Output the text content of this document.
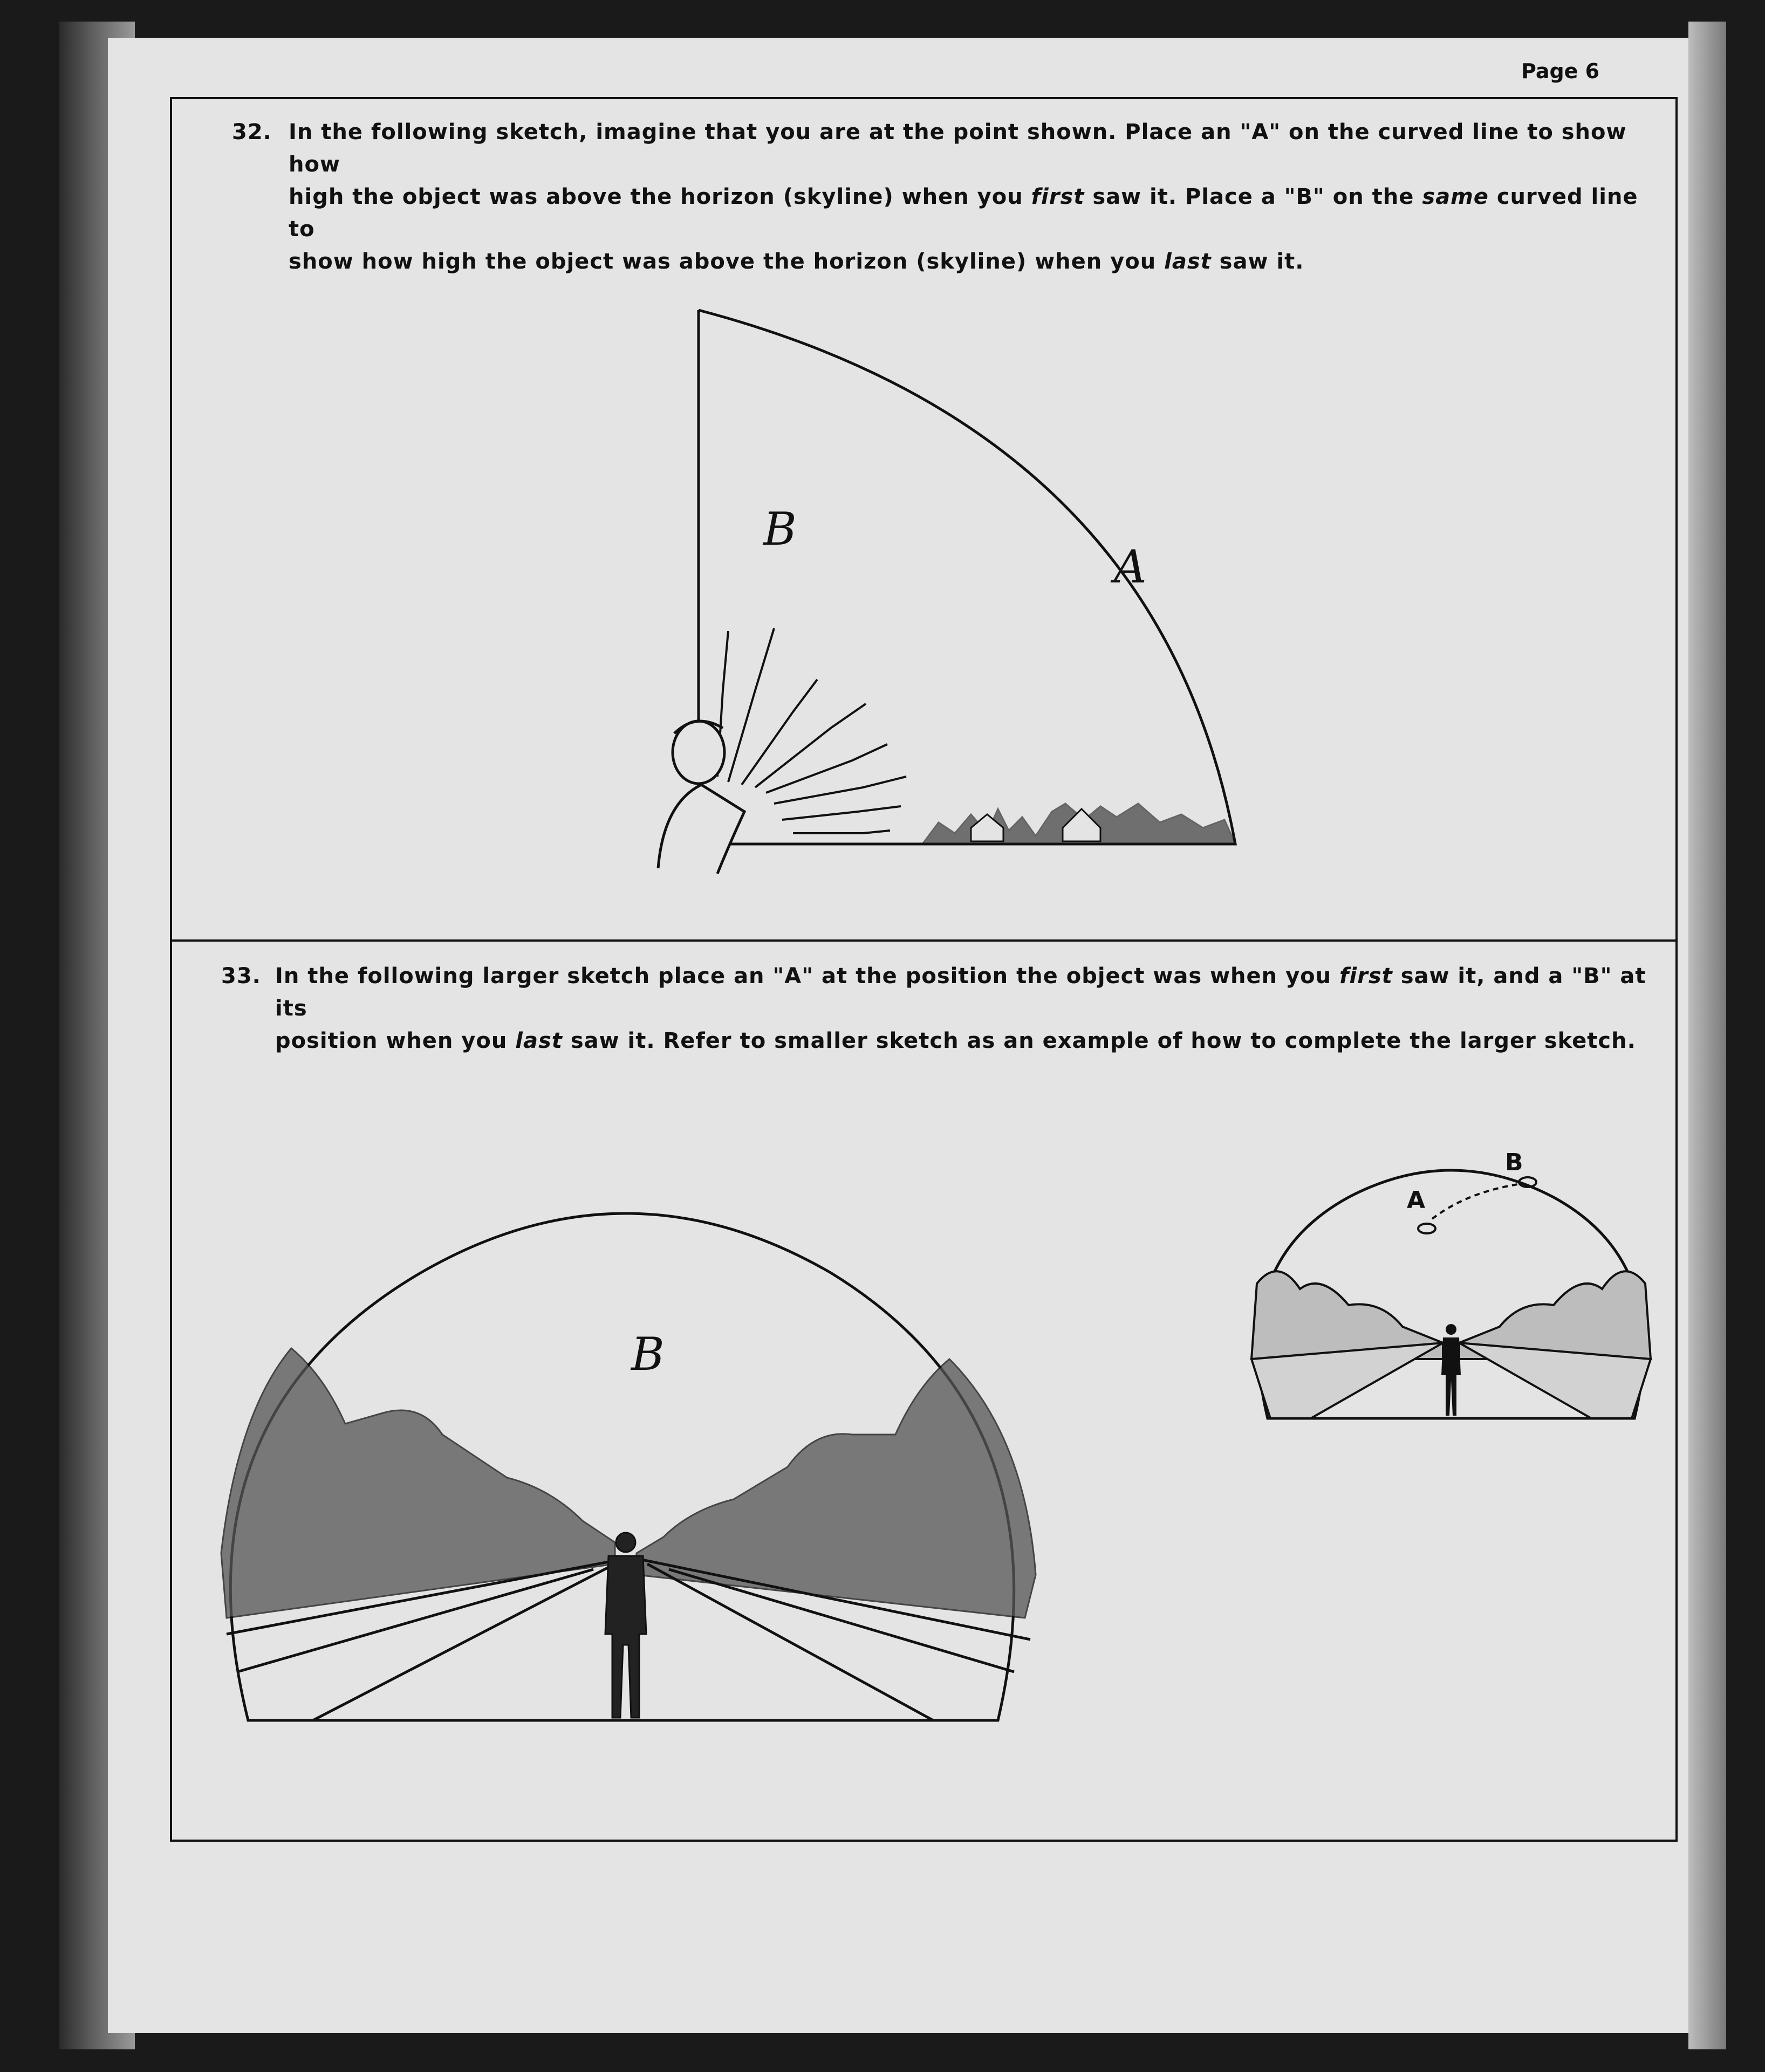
Page 6
32. In the following sketch, imagine that you are at the point shown. Place an "A" on the curved line to show how
high the object was above the horizon (skyline) when you first saw it. Place a "B" on the same curved line to
show how high the object was above the horizon (skyline) when you last saw it.
B
A
33. In the following larger sketch place an "A" at the position the object was when you first saw it, and a "B" at its
position when you last saw it. Refer to smaller sketch as an example of how to complete the larger sketch.
B
A
B
